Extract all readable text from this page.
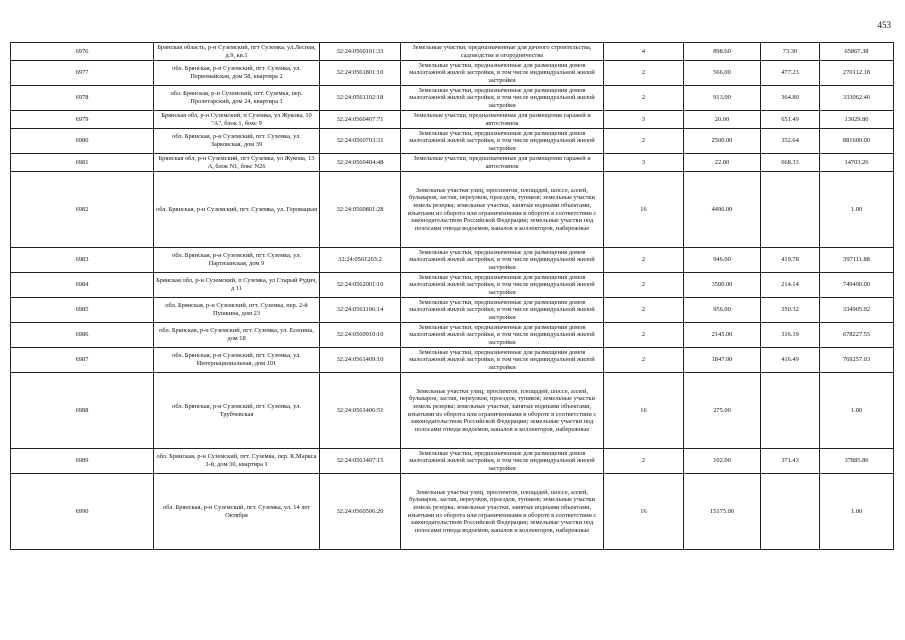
453
6976	Брянская область, р-н Суземский, пгт Суземка, ул.Лесная, д.9, кв.1	32:24:0560101:33	Земельные участки, предназначенные для дачного строительства, садоводства и огородничества	4	898.60	73.30	65867.38
6977	обл. Брянская, р-н Суземский, пгт. Суземка, ул. Первомайская, дом 58, квартира 2	32:24:0561801:10	Земельные участки, предназначенные для размещения домов малоэтажной жилой застройки, в том числе индивидуальной жилой застройки	2	566.00	477.23	270112.18
6978	обл. Брянская, р-н Суземский, пгт. Суземка, пер. Пролетарский, дом 24, квартира 1	32:24:0561102:18	Земельные участки, предназначенные для размещения домов малоэтажной жилой застройки, в том числе индивидуальной жилой застройки	2	913.00	364.80	333062.40
6979	Брянская обл, р-н Суземский, п Суземка, ул Жукова, 10 "А", блок 1, бокс 9	32:24:0560407:71	Земельные участки, предназначенные для размещения гаражей и автостоянок	3	20.00	651.49	13029.80
6980	обл. Брянская, р-н Суземский, пгт. Суземка, ул. Зарковская, дом 39	32:24:0560703:31	Земельные участки, предназначенные для размещения домов малоэтажной жилой застройки, в том числе индивидуальной жилой застройки	2	2500.00	352.64	881600.00
6981	Брянская обл, р-н Суземский, пгт Суземка, ул Жукова, 13 А, блок N1, бокс N26	32:24:0560404:48	Земельные участки, предназначенные для размещения гаражей и автостоянок	3	22.00	668.33	14703.26
6982	обл. Брянская, р-н Суземский, пгт. Суземка, ул. Горовацкая	32:24:0560801:28	Земельные участки улиц, проспектов, площадей, шоссе, аллей, бульваров, застав, переулков, проездов, тупиков; земельные участки земель резерва; земельные участки, занятые водными объектами, изъятыми из оборота или ограниченными в обороте в соответствии с законодательством Российской Федерации; земельные участки под полосами отвода водоемов, каналов и коллекторов, набережные	16	4496.00		1.00
6983	обл. Брянская, р-н Суземский, пгт. Суземка, ул. Партизанская, дом 9	32:24:0561203:2	Земельные участки, предназначенные для размещения домов малоэтажной жилой застройки, в том числе индивидуальной жилой застройки	2	946.00	419.78	397111.88
6984	Брянская обл, р-н Суземский, п Суземка, ул Старый Рудич, д 11	32:24:0562001:10	Земельные участки, предназначенные для размещения домов малоэтажной жилой застройки, в том числе индивидуальной жилой застройки	2	3500.00	214.14	749490.00
6985	обл. Брянская, р-н Суземский, пгт. Суземка, пер. 2-й Пушкина, дом 23	32:24:0561106:14	Земельные участки, предназначенные для размещения домов малоэтажной жилой застройки, в том числе индивидуальной жилой застройки	2	956.00	350.32	334905.92
6986	обл. Брянская, р-н Суземский, пгт. Суземка, ул. Есенина, дом 18	32:24:0560910:10	Земельные участки, предназначенные для размещения домов малоэтажной жилой застройки, в том числе индивидуальной жилой застройки	2	2145.00	316.19	678227.55
6987	обл. Брянская, р-н Суземский, пгт. Суземка, ул. Интернациональная, дом 101	32:24:0561409:10	Земельные участки, предназначенные для размещения домов малоэтажной жилой застройки, в том числе индивидуальной жилой застройки	2	1847.00	416.49	769257.03
6988	обл. Брянская, р-н Суземский, пгт. Суземка, ул. Трубчевская	32:24:0561406:51	Земельные участки улиц, проспектов, площадей, шоссе, аллей, бульваров, застав, переулков, проездов, тупиков; земельные участки земель резерва; земельные участки, занятые водными объектами, изъятыми из оборота или ограниченными в обороте в соответствии с законодательством Российской Федерации; земельные участки под полосами отвода водоемов, каналов и коллекторов, набережные	16	275.00		1.00
6989	обл. Брянская, р-н Суземский, пгт. Суземка, пер. К.Маркса 3-й, дом 30, квартира 1	32:24:0561407:15	Земельные участки, предназначенные для размещения домов малоэтажной жилой застройки, в том числе индивидуальной жилой застройки	2	102.00	371.43	37885.86
6990	обл. Брянская, р-н Суземский, пгт. Суземка, ул. 14 лет Октября	32:24:0560506:20	Земельные участки улиц, проспектов, площадей, шоссе, аллей, бульваров, застав, переулков, проездов, тупиков; земельные участки земель резерва; земельные участки, занятые водными объектами, изъятыми из оборота или ограниченными в обороте в соответствии с законодательством Российской Федерации; земельные участки под полосами отвода водоемов, каналов и коллекторов, набережные	16	15175.00		1.00
